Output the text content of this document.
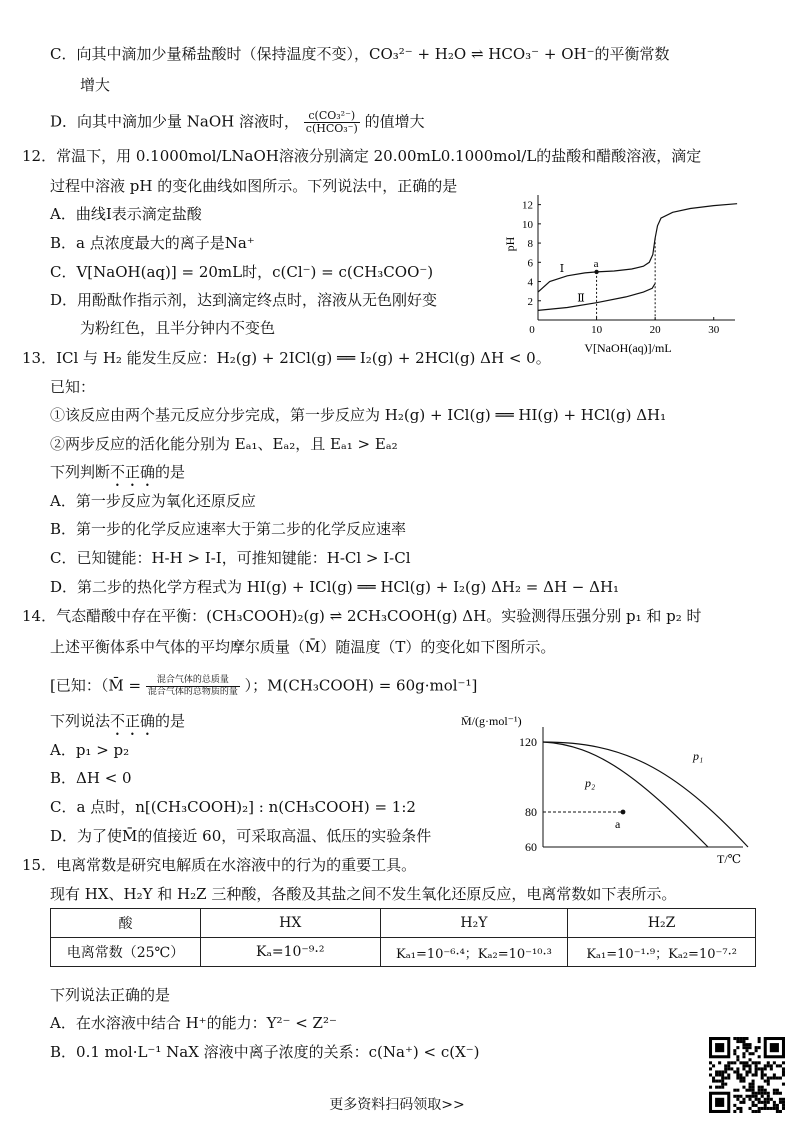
C．向其中滴加少量稀盐酸时（保持温度不变），CO₃²⁻ + H₂O ⇌ HCO₃⁻ + OH⁻的平衡常数
增大
D．向其中滴加少量 NaOH 溶液时， c(CO₃²⁻)
c(HCO₃⁻) 的值增大
12．常温下，用 0.1000mol/LNaOH溶液分别滴定 20.00mL0.1000mol/L的盐酸和醋酸溶液，滴定
过程中溶液 pH 的变化曲线如图所示。下列说法中，正确的是
A．曲线Ⅰ表示滴定盐酸
B．a 点浓度最大的离子是Na⁺
C．V[NaOH(aq)] = 20mL时，c(Cl⁻) = c(CH₃COO⁻)
D．用酚酞作指示剂，达到滴定终点时，溶液从无色刚好变
为粉红色，且半分钟内不变色	0	10	20	30
2
4
6
8
10
12
Ⅰ
Ⅱ
a
pH
V[NaOH(aq)]/mL
13．ICl 与 H₂ 能发生反应：H₂(g) + 2ICl(g) ══ I₂(g) + 2HCl(g) ΔH < 0。
已知：
①该反应由两个基元反应分步完成，第一步反应为 H₂(g) + ICl(g) ══ HI(g) + HCl(g) ΔH₁
②两步反应的活化能分别为 Eₐ₁、Eₐ₂，且 Eₐ₁ > Eₐ₂
下列判断不正确的是
A．第一步反应为氧化还原反应
B．第一步的化学反应速率大于第二步的化学反应速率
C．已知键能：H-H > I-I，可推知键能：H-Cl > I-Cl
D．第二步的热化学方程式为 HI(g) + ICl(g) ══ HCl(g) + I₂(g) ΔH₂ = ΔH − ΔH₁
14．气态醋酸中存在平衡：(CH₃COOH)₂(g) ⇌ 2CH₃COOH(g) ΔH。实验测得压强分别 p₁ 和 p₂ 时
上述平衡体系中气体的平均摩尔质量（M̄）随温度（T）的变化如下图所示。
[已知：（M̄ =	混合气体的总质量
混合气体的总物质的量 ）；M(CH₃COOH) = 60g·mol⁻¹]
下列说法不正确的是
A．p₁ > p₂
B．ΔH < 0
C．a 点时，n[(CH₃COOH)₂] : n(CH₃COOH) = 1:2
D．为了使M̄的值接近 60，可采取高温、低压的实验条件
60
80
120
p₁
p₂
a
M̄/(g·mol⁻¹)
T/℃
15．电离常数是研究电解质在水溶液中的行为的重要工具。
现有 HX、H₂Y 和 H₂Z 三种酸，各酸及其盐之间不发生氧化还原反应，电离常数如下表所示。
酸	HX	H₂Y	H₂Z
电离常数（25℃）	Kₐ=10⁻⁹·²	Kₐ₁=10⁻⁶·⁴；Kₐ₂=10⁻¹⁰·³	Kₐ₁=10⁻¹·⁹；Kₐ₂=10⁻⁷·²
下列说法正确的是
A．在水溶液中结合 H⁺的能力：Y²⁻ < Z²⁻
B．0.1 mol·L⁻¹ NaX 溶液中离子浓度的关系：c(Na⁺) < c(X⁻)
更多资料扫码领取>>
